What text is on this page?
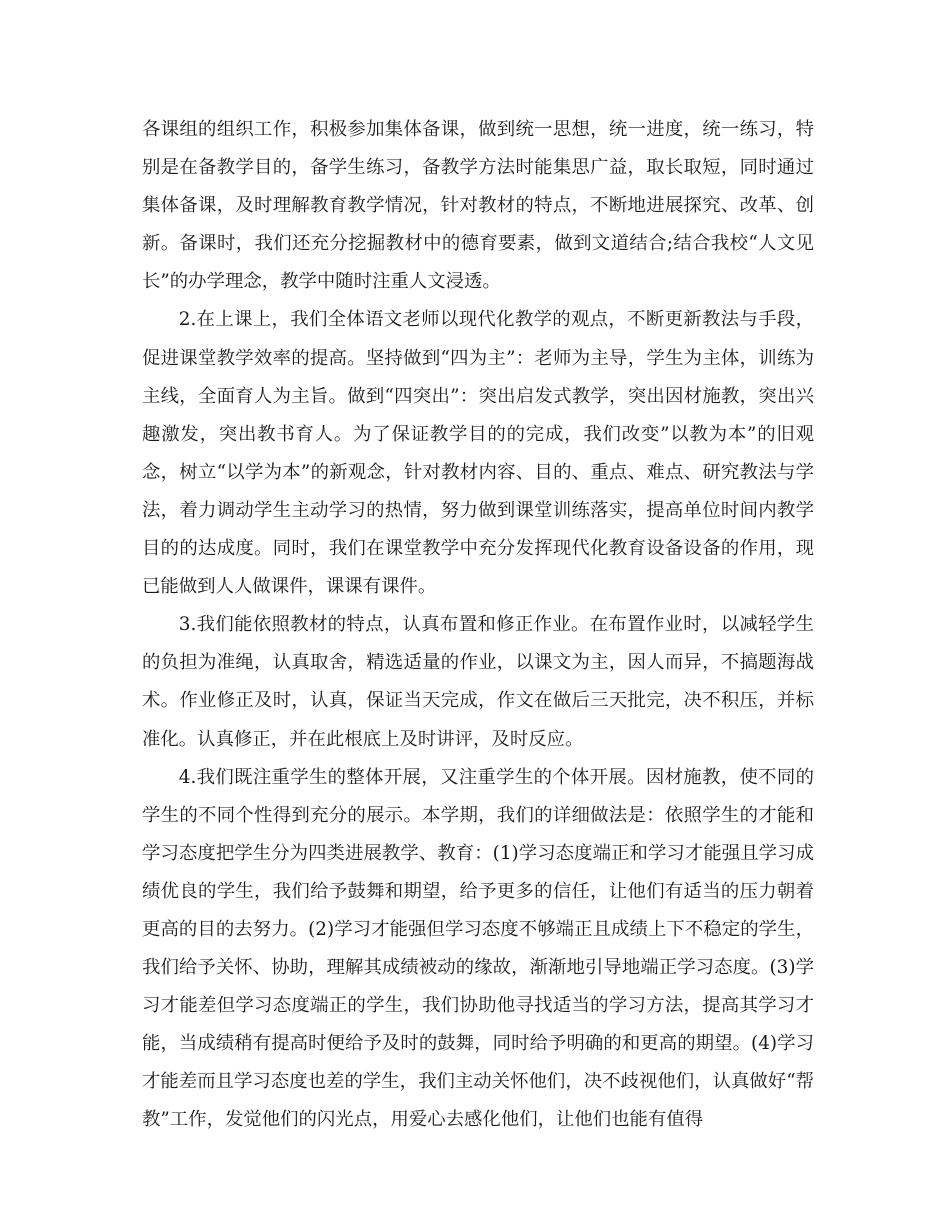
各课组的组织工作，积极参加集体备课，做到统一思想，统一进度，统一练习，特别是在备教学目的，备学生练习，备教学方法时能集思广益，取长取短，同时通过集体备课，及时理解教育教学情况，针对教材的特点，不断地进展探究、改革、创新。备课时，我们还充分挖掘教材中的德育要素，做到文道结合;结合我校“人文见长”的办学理念，教学中随时注重人文浸透。

2.在上课上，我们全体语文老师以现代化教学的观点，不断更新教法与手段，促进课堂教学效率的提高。坚持做到“四为主”：老师为主导，学生为主体，训练为主线，全面育人为主旨。做到“四突出”：突出启发式教学，突出因材施教，突出兴趣激发，突出教书育人。为了保证教学目的的完成，我们改变”以教为本”的旧观念，树立“以学为本”的新观念，针对教材内容、目的、重点、难点、研究教法与学法，着力调动学生主动学习的热情，努力做到课堂训练落实，提高单位时间内教学目的的达成度。同时，我们在课堂教学中充分发挥现代化教育设备设备的作用，现已能做到人人做课件，课课有课件。

3.我们能依照教材的特点，认真布置和修正作业。在布置作业时，以减轻学生的负担为准绳，认真取舍，精选适量的作业，以课文为主，因人而异，不搞题海战术。作业修正及时，认真，保证当天完成，作文在做后三天批完，决不积压，并标准化。认真修正，并在此根底上及时讲评，及时反应。

4.我们既注重学生的整体开展，又注重学生的个体开展。因材施教，使不同的学生的不同个性得到充分的展示。本学期，我们的详细做法是：依照学生的才能和学习态度把学生分为四类进展教学、教育：(1)学习态度端正和学习才能强且学习成绩优良的学生，我们给予鼓舞和期望，给予更多的信任，让他们有适当的压力朝着更高的目的去努力。(2)学习才能强但学习态度不够端正且成绩上下不稳定的学生，我们给予关怀、协助，理解其成绩被动的缘故，渐渐地引导地端正学习态度。(3)学习才能差但学习态度端正的学生，我们协助他寻找适当的学习方法，提高其学习才能，当成绩稍有提高时便给予及时的鼓舞，同时给予明确的和更高的期望。(4)学习才能差而且学习态度也差的学生，我们主动关怀他们，决不歧视他们，认真做好“帮教”工作，发觉他们的闪光点，用爱心去感化他们，让他们也能有值得
